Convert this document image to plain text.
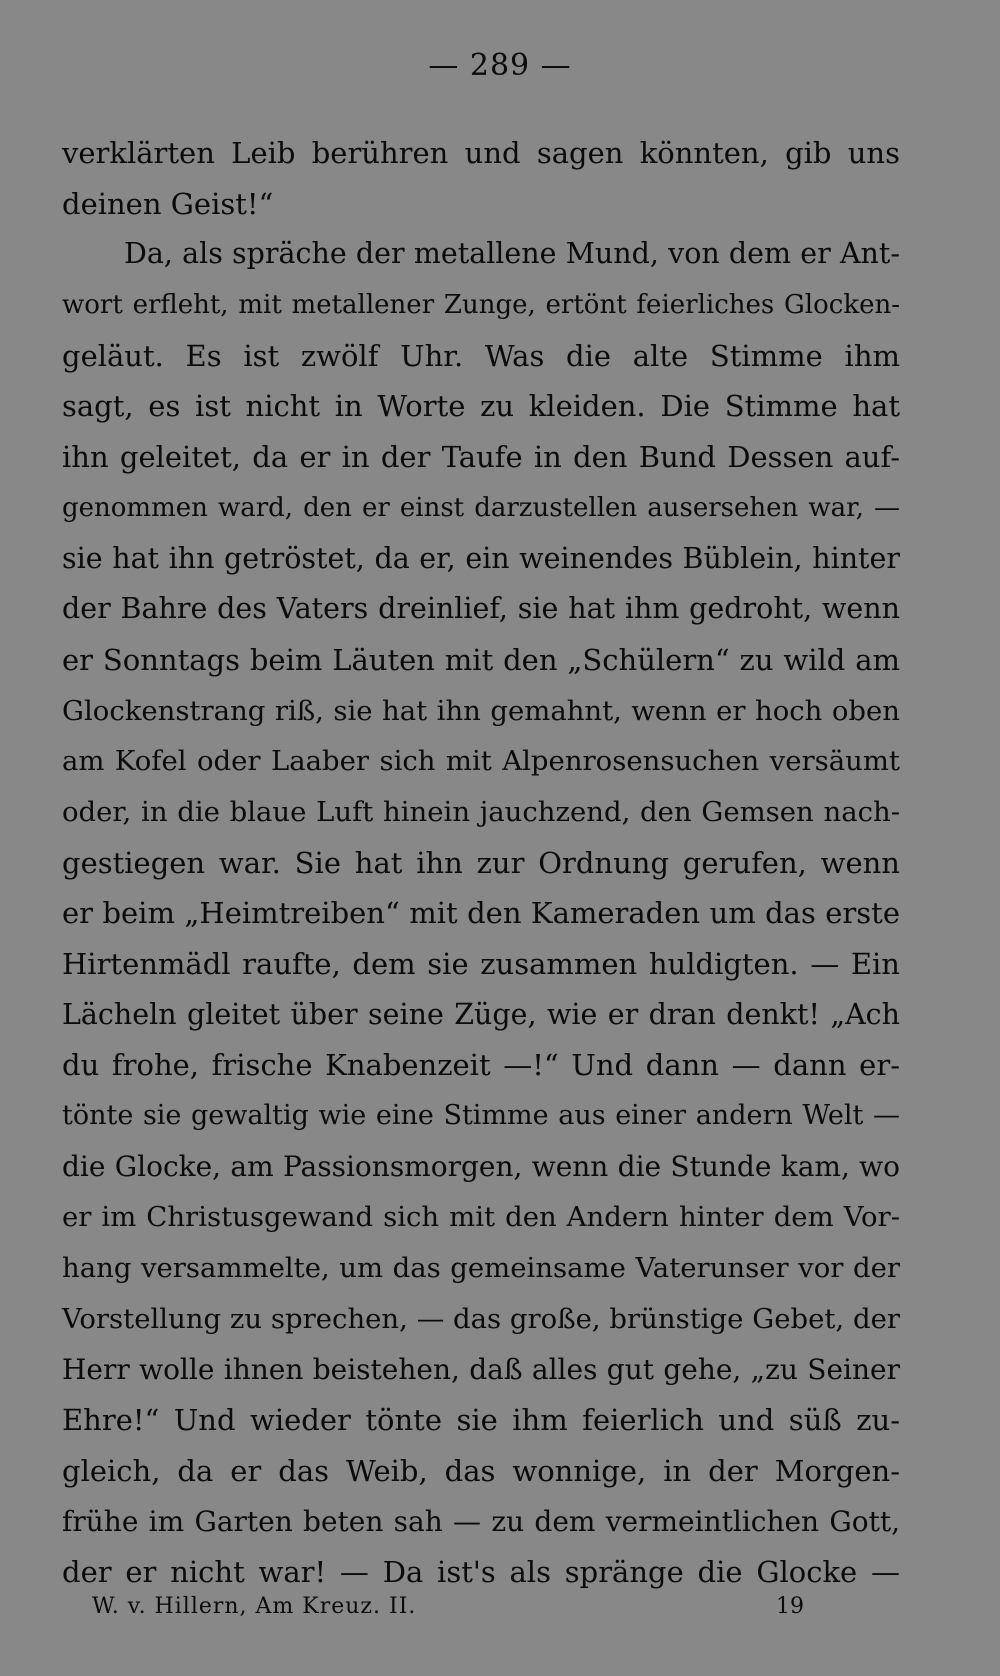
— 289 —
verklärten Leib berühren und sagen könnten, gib uns
deinen Geist!“
Da, als spräche der metallene Mund, von dem er Ant-
wort erfleht, mit metallener Zunge, ertönt feierliches Glocken-
geläut. Es ist zwölf Uhr. Was die alte Stimme ihm
sagt, es ist nicht in Worte zu kleiden. Die Stimme hat
ihn geleitet, da er in der Taufe in den Bund Dessen auf-
genommen ward, den er einst darzustellen ausersehen war, —
sie hat ihn getröstet, da er, ein weinendes Büblein, hinter
der Bahre des Vaters dreinlief, sie hat ihm gedroht, wenn
er Sonntags beim Läuten mit den „Schülern“ zu wild am
Glockenstrang riß, sie hat ihn gemahnt, wenn er hoch oben
am Kofel oder Laaber sich mit Alpenrosensuchen versäumt
oder, in die blaue Luft hinein jauchzend, den Gemsen nach-
gestiegen war. Sie hat ihn zur Ordnung gerufen, wenn
er beim „Heimtreiben“ mit den Kameraden um das erste
Hirtenmädl raufte, dem sie zusammen huldigten. — Ein
Lächeln gleitet über seine Züge, wie er dran denkt! „Ach
du frohe, frische Knabenzeit —!“ Und dann — dann er-
tönte sie gewaltig wie eine Stimme aus einer andern Welt —
die Glocke, am Passionsmorgen, wenn die Stunde kam, wo
er im Christusgewand sich mit den Andern hinter dem Vor-
hang versammelte, um das gemeinsame Vaterunser vor der
Vorstellung zu sprechen, — das große, brünstige Gebet, der
Herr wolle ihnen beistehen, daß alles gut gehe, „zu Seiner
Ehre!“ Und wieder tönte sie ihm feierlich und süß zu-
gleich, da er das Weib, das wonnige, in der Morgen-
frühe im Garten beten sah — zu dem vermeintlichen Gott,
der er nicht war! — Da ist's als spränge die Glocke —
W. v. Hillern, Am Kreuz. II.	19
